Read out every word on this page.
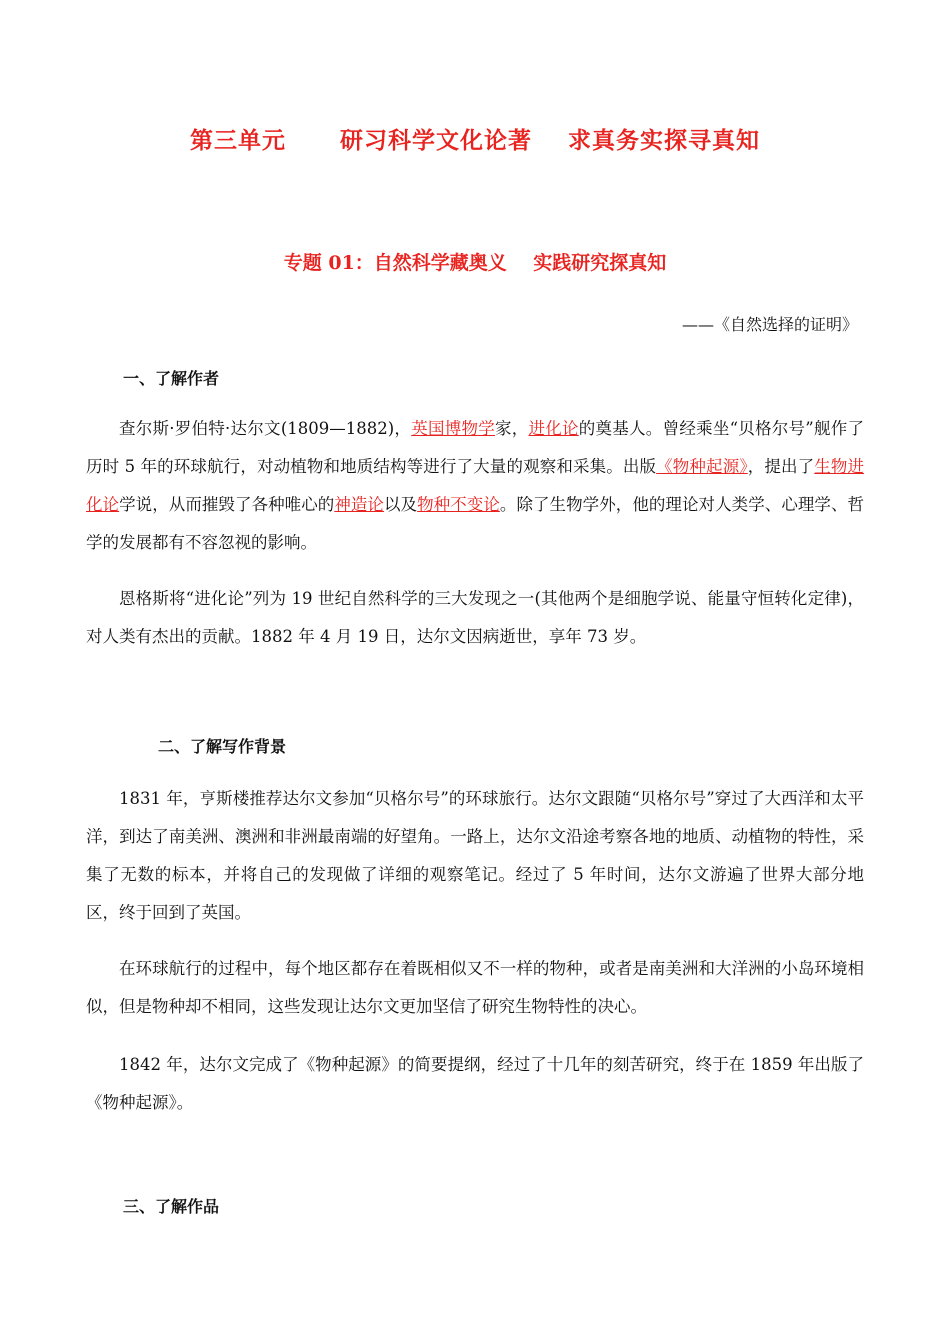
第三单元      研习科学文化论著    求真务实探寻真知
专题 01：自然科学藏奥义    实践研究探真知
——《自然选择的证明》
一、了解作者
查尔斯·罗伯特·达尔文(1809—1882)，英国博物学家，进化论的奠基人。曾经乘坐“贝格尔号”舰作了历时 5 年的环球航行，对动植物和地质结构等进行了大量的观察和采集。出版《物种起源》，提出了生物进化论学说，从而摧毁了各种唯心的神造论以及物种不变论。除了生物学外，他的理论对人类学、心理学、哲学的发展都有不容忽视的影响。
恩格斯将“进化论”列为 19 世纪自然科学的三大发现之一(其他两个是细胞学说、能量守恒转化定律)，对人类有杰出的贡献。1882 年 4 月 19 日，达尔文因病逝世，享年 73 岁。
二、了解写作背景
1831 年，亨斯楼推荐达尔文参加“贝格尔号”的环球旅行。达尔文跟随“贝格尔号”穿过了大西洋和太平洋，到达了南美洲、澳洲和非洲最南端的好望角。一路上，达尔文沿途考察各地的地质、动植物的特性，采集了无数的标本，并将自己的发现做了详细的观察笔记。经过了 5 年时间，达尔文游遍了世界大部分地区，终于回到了英国。
在环球航行的过程中，每个地区都存在着既相似又不一样的物种，或者是南美洲和大洋洲的小岛环境相似，但是物种却不相同，这些发现让达尔文更加坚信了研究生物特性的决心。
1842 年，达尔文完成了《物种起源》的简要提纲，经过了十几年的刻苦研究，终于在 1859 年出版了《物种起源》。
三、了解作品
